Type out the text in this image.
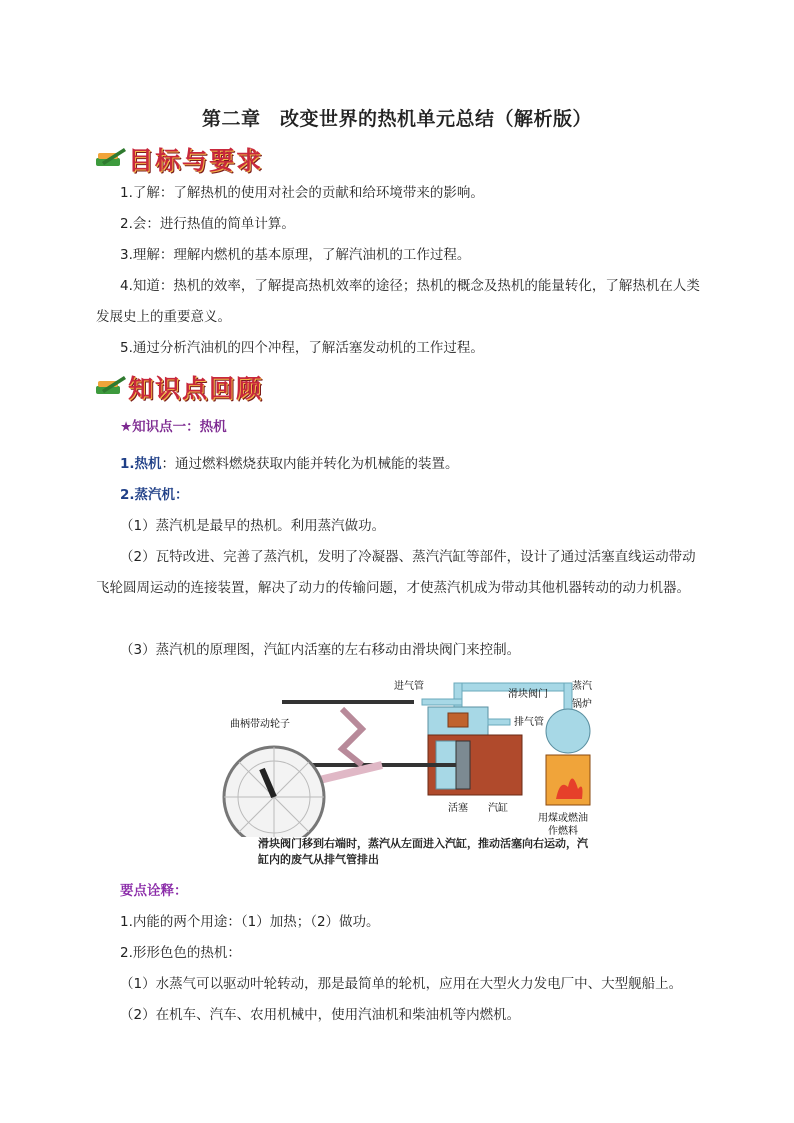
第二章　改变世界的热机单元总结（解析版）
目标与要求

1.了解：了解热机的使用对社会的贡献和给环境带来的影响。

2.会：进行热值的简单计算。

3.理解：理解内燃机的基本原理，了解汽油机的工作过程。

4.知道：热机的效率，了解提高热机效率的途径；热机的概念及热机的能量转化，了解热机在人类发展史上的重要意义。

5.通过分析汽油机的四个冲程，了解活塞发动机的工作过程。

知识点回顾

★知识点一：热机

1.热机：通过燃料燃烧获取内能并转化为机械能的装置。

2.蒸汽机：

（1）蒸汽机是最早的热机。利用蒸汽做功。

（2）瓦特改进、完善了蒸汽机，发明了冷凝器、蒸汽汽缸等部件，设计了通过活塞直线运动带动飞轮圆周运动的连接装置，解决了动力的传输问题，才使蒸汽机成为带动其他机器转动的动力机器。

（3）蒸汽机的原理图，汽缸内活塞的左右移动由滑块阀门来控制。

进气管
滑块阀门
蒸汽
锅炉
曲柄带动轮子	排气管
活塞 汽缸
用煤或燃油
作燃料
滑块阀门移到右端时，蒸汽从左面进入汽缸，推动活塞向右运动，汽缸内的废气从排气管排出

要点诠释：

1.内能的两个用途：（1）加热；（2）做功。

2.形形色色的热机：

（1）水蒸气可以驱动叶轮转动，那是最简单的轮机，应用在大型火力发电厂中、大型舰船上。

（2）在机车、汽车、农用机械中，使用汽油机和柴油机等内燃机。
